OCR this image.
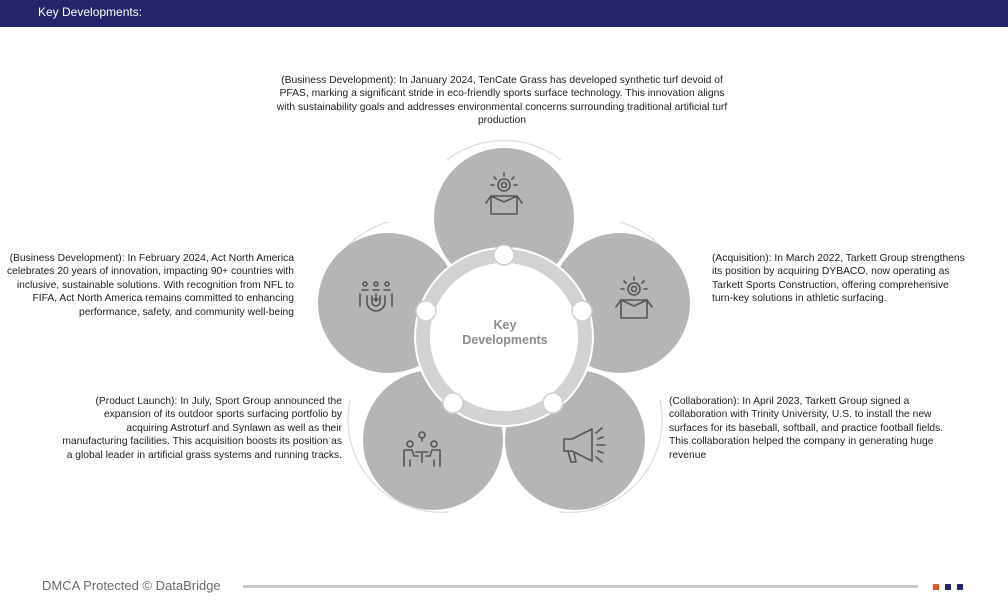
Key Developments:

(Business Development): In January 2024, TenCate Grass has developed synthetic turf devoid of PFAS, marking a significant stride in eco-friendly sports surface technology. This innovation aligns with sustainability goals and addresses environmental concerns surrounding traditional artificial turf production

(Acquisition): In March 2022, Tarkett Group strengthens its position by acquiring DYBACO, now operating as Tarkett Sports Construction, offering comprehensive turn-key solutions in athletic surfacing.

(Collaboration): In April 2023, Tarkett Group signed a collaboration with Trinity University, U.S. to install the new surfaces for its baseball, softball, and practice football fields. This collaboration helped the company in generating huge revenue

(Product Launch): In July, Sport Group announced the expansion of its outdoor sports surfacing portfolio by acquiring Astroturf and Synlawn as well as their manufacturing facilities. This acquisition boosts its position as a global leader in artificial grass systems and running tracks.

(Business Development): In February 2024, Act North America celebrates 20 years of innovation, impacting 90+ countries with inclusive, sustainable solutions. With recognition from NFL to FIFA, Act North America remains committed to enhancing performance, safety, and community well-being

Key
Developments
DMCA Protected © DataBridge
